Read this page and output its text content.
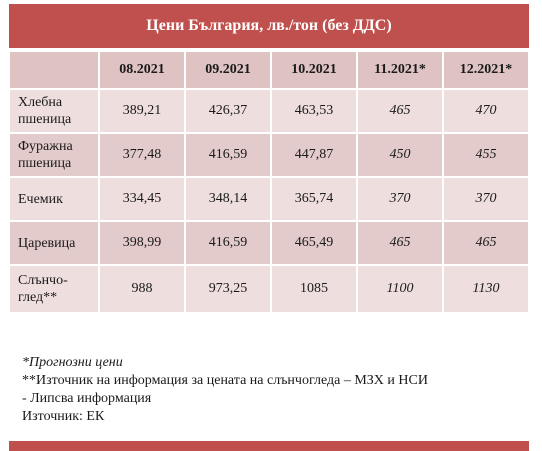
Цени България, лв./тон (без ДДС)
	08.2021	09.2021	10.2021	11.2021*	12.2021*
Хлебна
пшеница	389,21	426,37	463,53	465	470
Фуражна
пшеница	377,48	416,59	447,87	450	455
Ечемик	334,45	348,14	365,74	370	370
Царевица	398,99	416,59	465,49	465	465
Слънчо-
глед**	988	973,25	1085	1100	1130
*Прогнозни цени
**Източник на информация за цената на слънчогледа – МЗХ и НСИ
- Липсва информация
Източник: ЕК
